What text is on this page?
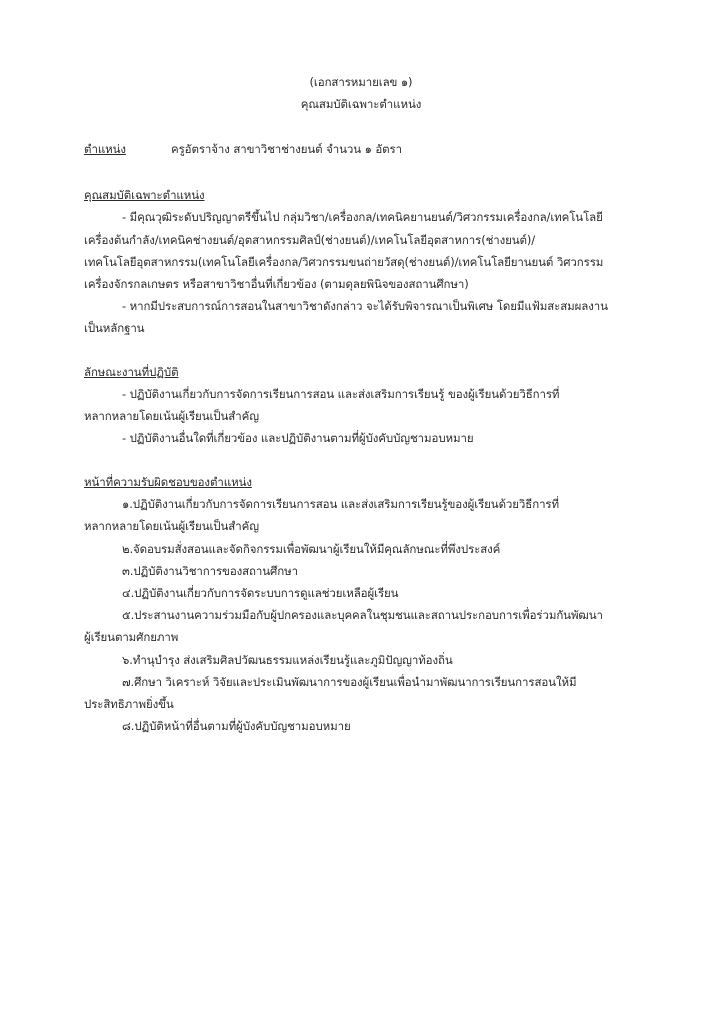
(เอกสารหมายเลข ๑)
คุณสมบัติเฉพาะตำแหน่ง
ตำแหน่ง	ครูอัตราจ้าง สาขาวิชาช่างยนต์ จำนวน ๑ อัตรา
คุณสมบัติเฉพาะตำแหน่ง
- มีคุณวุฒิระดับปริญญาตรีขึ้นไป กลุ่มวิชา/เครื่องกล/เทคนิคยานยนต์/วิศวกรรมเครื่องกล/เทคโนโลยี
เครื่องต้นกำลัง/เทคนิคช่างยนต์/อุตสาหกรรมศิลป์(ช่างยนต์)/เทคโนโลยีอุตสาหการ(ช่างยนต์)/
เทคโนโลยีอุตสาหกรรม(เทคโนโลยีเครื่องกล/วิศวกรรมขนถ่ายวัสดุ(ช่างยนต์)/เทคโนโลยียานยนต์ วิศวกรรม
เครื่องจักรกลเกษตร หรือสาขาวิชาอื่นที่เกี่ยวข้อง (ตามดุลยพินิจของสถานศึกษา)
- หากมีประสบการณ์การสอนในสาขาวิชาดังกล่าว จะได้รับพิจารณาเป็นพิเศษ โดยมีแฟ้มสะสมผลงาน
เป็นหลักฐาน
ลักษณะงานที่ปฏิบัติ
- ปฏิบัติงานเกี่ยวกับการจัดการเรียนการสอน และส่งเสริมการเรียนรู้ ของผู้เรียนด้วยวิธีการที่
หลากหลายโดยเน้นผู้เรียนเป็นสำคัญ
- ปฏิบัติงานอื่นใดที่เกี่ยวข้อง และปฏิบัติงานตามที่ผู้บังคับบัญชามอบหมาย
หน้าที่ความรับผิดชอบของตำแหน่ง
๑.ปฏิบัติงานเกี่ยวกับการจัดการเรียนการสอน และส่งเสริมการเรียนรู้ของผู้เรียนด้วยวิธีการที่
หลากหลายโดยเน้นผู้เรียนเป็นสำคัญ
๒.จัดอบรมสั่งสอนและจัดกิจกรรมเพื่อพัฒนาผู้เรียนให้มีคุณลักษณะที่พึงประสงค์
๓.ปฏิบัติงานวิชาการของสถานศึกษา
๔.ปฏิบัติงานเกี่ยวกับการจัดระบบการดูแลช่วยเหลือผู้เรียน
๕.ประสานงานความร่วมมือกับผู้ปกครองและบุคคลในชุมชนและสถานประกอบการเพื่อร่วมกันพัฒนา
ผู้เรียนตามศักยภาพ
๖.ทำนุบำรุง ส่งเสริมศิลปวัฒนธรรมแหล่งเรียนรู้และภูมิปัญญาท้องถิ่น
๗.ศึกษา วิเคราะห์ วิจัยและประเมินพัฒนาการของผู้เรียนเพื่อนำมาพัฒนาการเรียนการสอนให้มี
ประสิทธิภาพยิ่งขึ้น
๘.ปฏิบัติหน้าที่อื่นตามที่ผู้บังคับบัญชามอบหมาย
